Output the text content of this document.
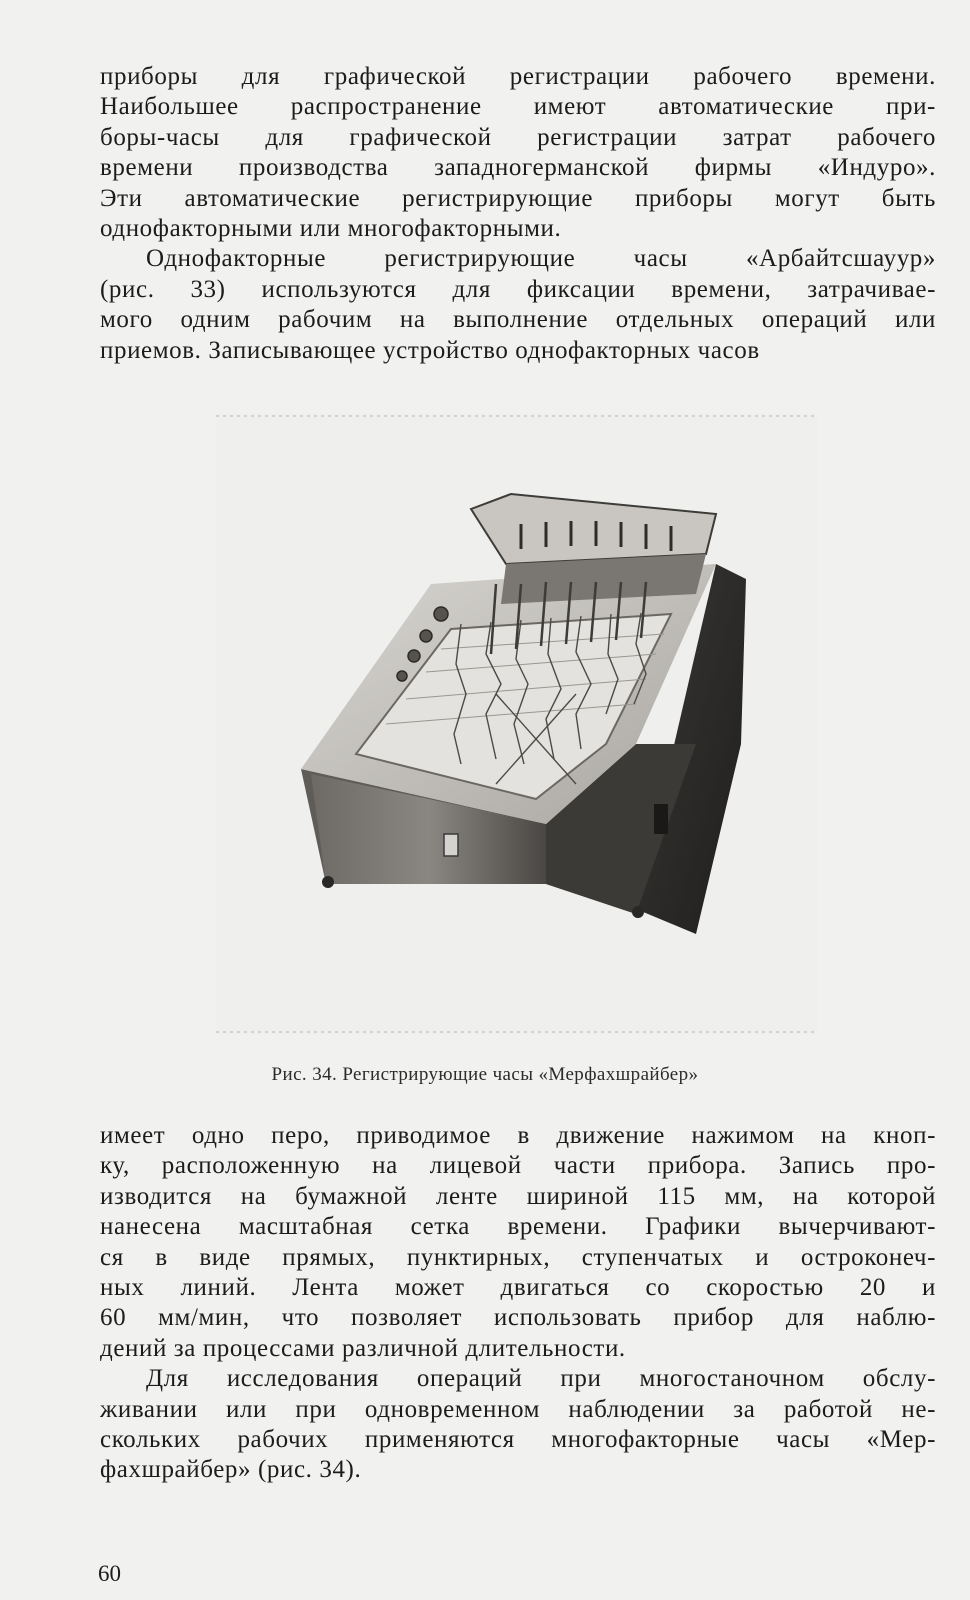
приборы для графической регистрации рабочего времени.
Наибольшее распространение имеют автоматические при-
боры-часы для графической регистрации затрат рабочего
времени производства западногерманской фирмы «Индуро».
Эти автоматические регистрирующие приборы могут быть
однофакторными или многофакторными.

Однофакторные регистрирующие часы «Арбайтсшауур»
(рис. 33) используются для фиксации времени, затрачивае-
мого одним рабочим на выполнение отдельных операций или
приемов. Записывающее устройство однофакторных часов

Рис. 34. Регистрирующие часы «Мерфахшрайбер»

имеет одно перо, приводимое в движение нажимом на кноп-
ку, расположенную на лицевой части прибора. Запись про-
изводится на бумажной ленте шириной 115 мм, на которой
нанесена масштабная сетка времени. Графики вычерчивают-
ся в виде прямых, пунктирных, ступенчатых и остроконеч-
ных линий. Лента может двигаться со скоростью 20 и
60 мм/мин, что позволяет использовать прибор для наблю-
дений за процессами различной длительности.

Для исследования операций при многостаночном обслу-
живании или при одновременном наблюдении за работой не-
скольких рабочих применяются многофакторные часы «Мер-
фахшрайбер» (рис. 34).

60
